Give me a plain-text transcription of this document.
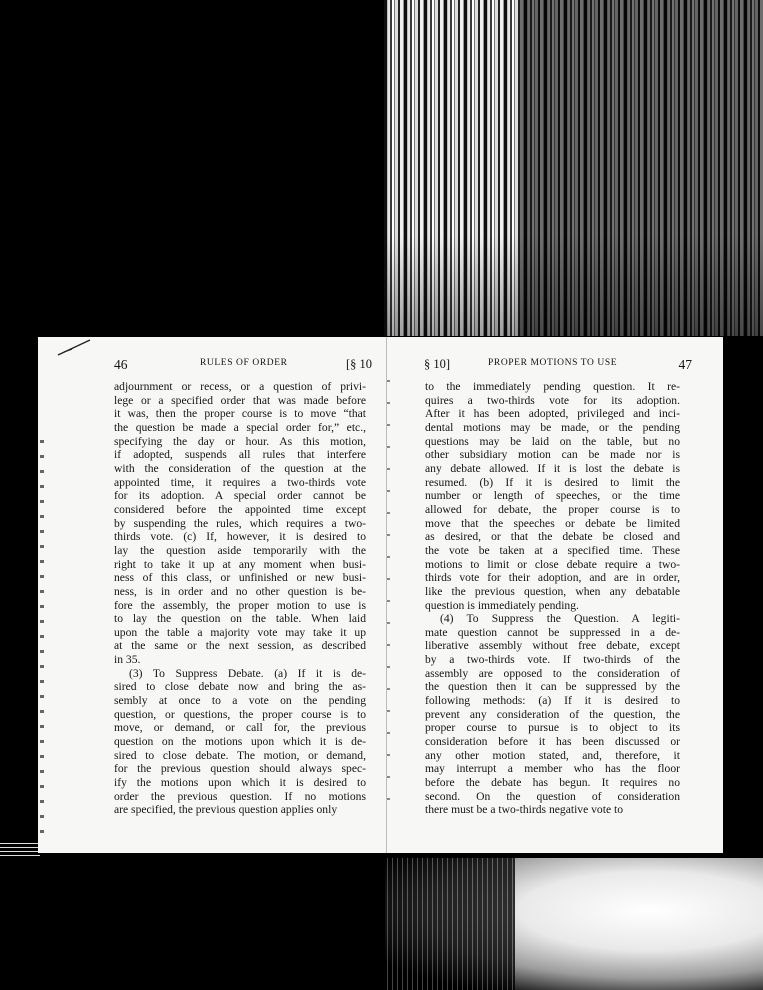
46	RULES OF ORDER	[§ 10
adjournment or recess, or a question of privi-
lege or a specified order that was made before
it was, then the proper course is to move “that
the question be made a special order for,” etc.,
specifying the day or hour. As this motion,
if adopted, suspends all rules that interfere
with the consideration of the question at the
appointed time, it requires a two-thirds vote
for its adoption. A special order cannot be
considered before the appointed time except
by suspending the rules, which requires a two-
thirds vote. (c) If, however, it is desired to
lay the question aside temporarily with the
right to take it up at any moment when busi-
ness of this class, or unfinished or new busi-
ness, is in order and no other question is be-
fore the assembly, the proper motion to use is
to lay the question on the table. When laid
upon the table a majority vote may take it up
at the same or the next session, as described
in 35.
(3) To Suppress Debate. (a) If it is de-
sired to close debate now and bring the as-
sembly at once to a vote on the pending
question, or questions, the proper course is to
move, or demand, or call for, the previous
question on the motions upon which it is de-
sired to close debate. The motion, or demand,
for the previous question should always spec-
ify the motions upon which it is desired to
order the previous question. If no motions
are specified, the previous question applies only
§ 10]	PROPER MOTIONS TO USE	47
to the immediately pending question. It re-
quires a two-thirds vote for its adoption.
After it has been adopted, privileged and inci-
dental motions may be made, or the pending
questions may be laid on the table, but no
other subsidiary motion can be made nor is
any debate allowed. If it is lost the debate is
resumed. (b) If it is desired to limit the
number or length of speeches, or the time
allowed for debate, the proper course is to
move that the speeches or debate be limited
as desired, or that the debate be closed and
the vote be taken at a specified time. These
motions to limit or close debate require a two-
thirds vote for their adoption, and are in order,
like the previous question, when any debatable
question is immediately pending.
(4) To Suppress the Question. A legiti-
mate question cannot be suppressed in a de-
liberative assembly without free debate, except
by a two-thirds vote. If two-thirds of the
assembly are opposed to the consideration of
the question then it can be suppressed by the
following methods: (a) If it is desired to
prevent any consideration of the question, the
proper course to pursue is to object to its
consideration before it has been discussed or
any other motion stated, and, therefore, it
may interrupt a member who has the floor
before the debate has begun. It requires no
second. On the question of consideration
there must be a two-thirds negative vote to
